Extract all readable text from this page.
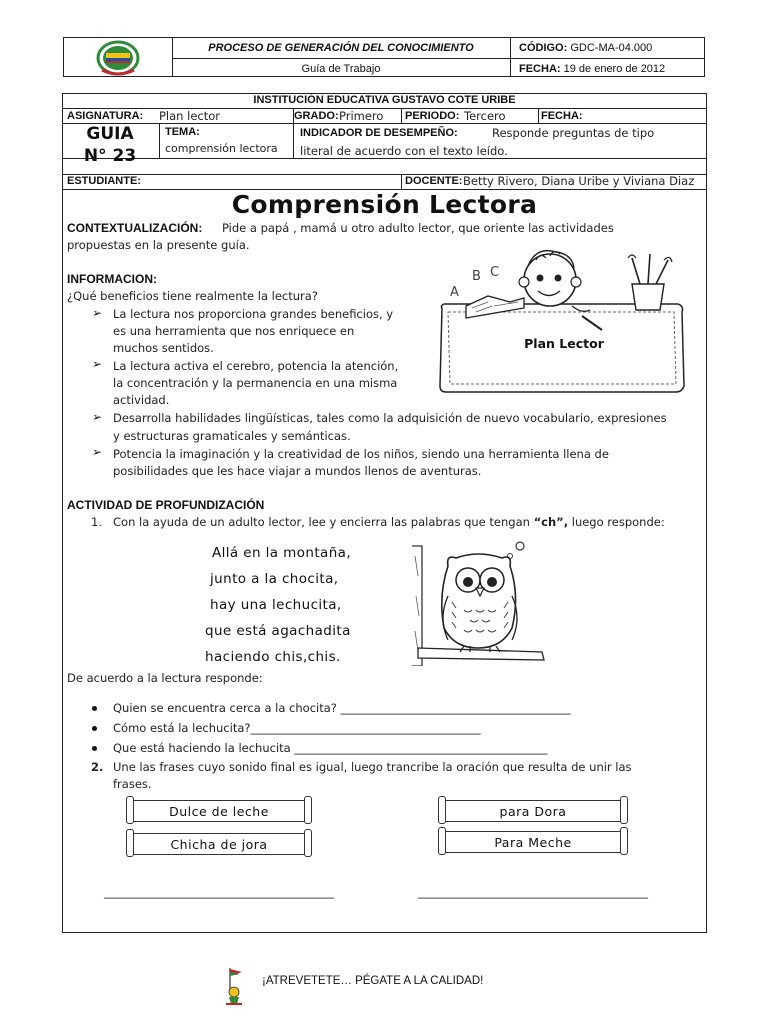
PROCESO DE GENERACIÓN DEL CONOCIMIENTO
Guía de Trabajo
CÓDIGO:
GDC-MA-04.000
FECHA:
19 de enero de 2012
INSTITUCIÓN EDUCATIVA GUSTAVO COTE URIBE
ASIGNATURA: Plan lector	GRADO: Primero PERIODO: Tercero	FECHA:
GUIA
N° 23
TEMA:
comprensión lectora
INDICADOR DE DESEMPEÑO:	Responde preguntas de tipo
literal de acuerdo con el texto leído.
ESTUDIANTE:	DOCENTE: Betty Rivero, Diana Uribe y Viviana Diaz
Comprensión Lectora
CONTEXTUALIZACIÓN: Pide a papá , mamá u otro adulto lector, que oriente las actividades
propuestas en la presente guía.
INFORMACION:
¿Qué beneficios tiene realmente la lectura?
➢ La lectura nos proporciona grandes beneficios, y
es una herramienta que nos enriquece en
muchos sentidos.
➢ La lectura activa el cerebro, potencia la atención,
la concentración y la permanencia en una misma
actividad.
➢ Desarrolla habilidades lingüísticas, tales como la adquisición de nuevo vocabulario, expresiones
y estructuras gramaticales y semánticas.
➢ Potencia la imaginación y la creatividad de los niños, siendo una herramienta llena de
posibilidades que les hace viajar a mundos llenos de aventuras.
B C
A
Plan Lector
ACTIVIDAD DE PROFUNDIZACIÓN
1. Con la ayuda de un adulto lector, lee y encierra las palabras que tengan “ch”, luego responde:
Allá en la montaña,
junto a la chocita,
hay una lechucita,
que está agachadita
haciendo chis,chis.
De acuerdo a la lectura responde:
Quien se encuentra cerca a la chocita? ________________________________________
Cómo está la lechucita?________________________________________
Que está haciendo la lechucita ____________________________________________
2. Une las frases cuyo sonido final es igual, luego trancribe la oración que resulta de unir las
frases.
Dulce de leche
Chicha de jora
para Dora
Para Meche
________________________________________	________________________________________
¡ATREVETETE… PÉGATE A LA CALIDAD!
